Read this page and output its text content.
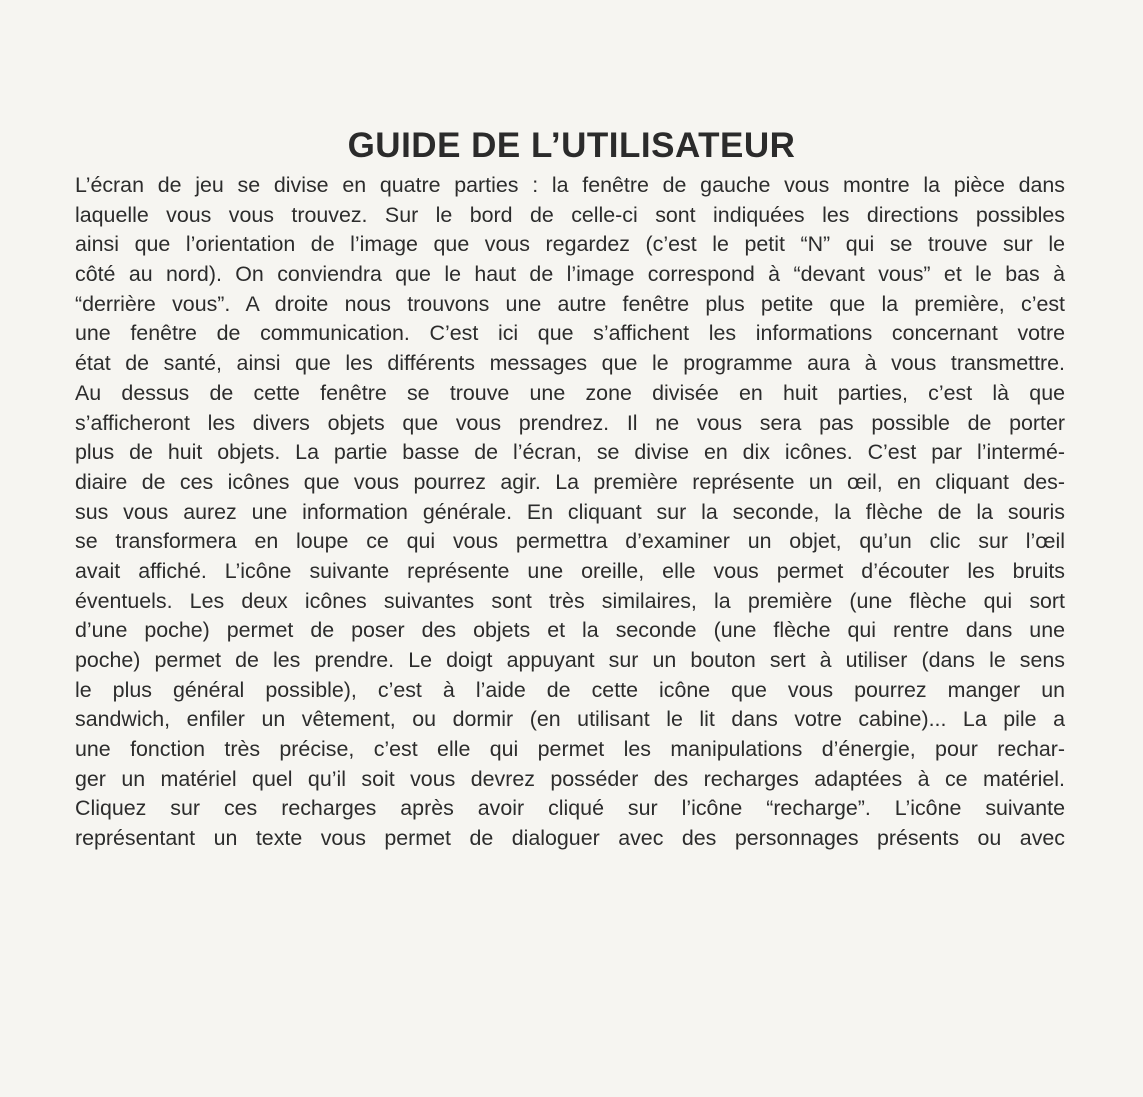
GUIDE DE L’UTILISATEUR
L’écran de jeu se divise en quatre parties : la fenêtre de gauche vous montre la pièce dans
laquelle vous vous trouvez. Sur le bord de celle-ci sont indiquées les directions possibles
ainsi que l’orientation de l’image que vous regardez (c’est le petit “N” qui se trouve sur le
côté au nord). On conviendra que le haut de l’image correspond à “devant vous” et le bas à
“derrière vous”. A droite nous trouvons une autre fenêtre plus petite que la première, c’est
une fenêtre de communication. C’est ici que s’affichent les informations concernant votre
état de santé, ainsi que les différents messages que le programme aura à vous transmettre.
Au dessus de cette fenêtre se trouve une zone divisée en huit parties, c’est là que
s’afficheront les divers objets que vous prendrez. Il ne vous sera pas possible de porter
plus de huit objets. La partie basse de l’écran, se divise en dix icônes. C’est par l’intermé-
diaire de ces icônes que vous pourrez agir. La première représente un œil, en cliquant des-
sus vous aurez une information générale. En cliquant sur la seconde, la flèche de la souris
se transformera en loupe ce qui vous permettra d’examiner un objet, qu’un clic sur l’œil
avait affiché. L’icône suivante représente une oreille, elle vous permet d’écouter les bruits
éventuels. Les deux icônes suivantes sont très similaires, la première (une flèche qui sort
d’une poche) permet de poser des objets et la seconde (une flèche qui rentre dans une
poche) permet de les prendre. Le doigt appuyant sur un bouton sert à utiliser (dans le sens
le plus général possible), c’est à l’aide de cette icône que vous pourrez manger un
sandwich, enfiler un vêtement, ou dormir (en utilisant le lit dans votre cabine)... La pile a
une fonction très précise, c’est elle qui permet les manipulations d’énergie, pour rechar-
ger un matériel quel qu’il soit vous devrez posséder des recharges adaptées à ce matériel.
Cliquez sur ces recharges après avoir cliqué sur l’icône “recharge”. L’icône suivante
représentant un texte vous permet de dialoguer avec des personnages présents ou avec
